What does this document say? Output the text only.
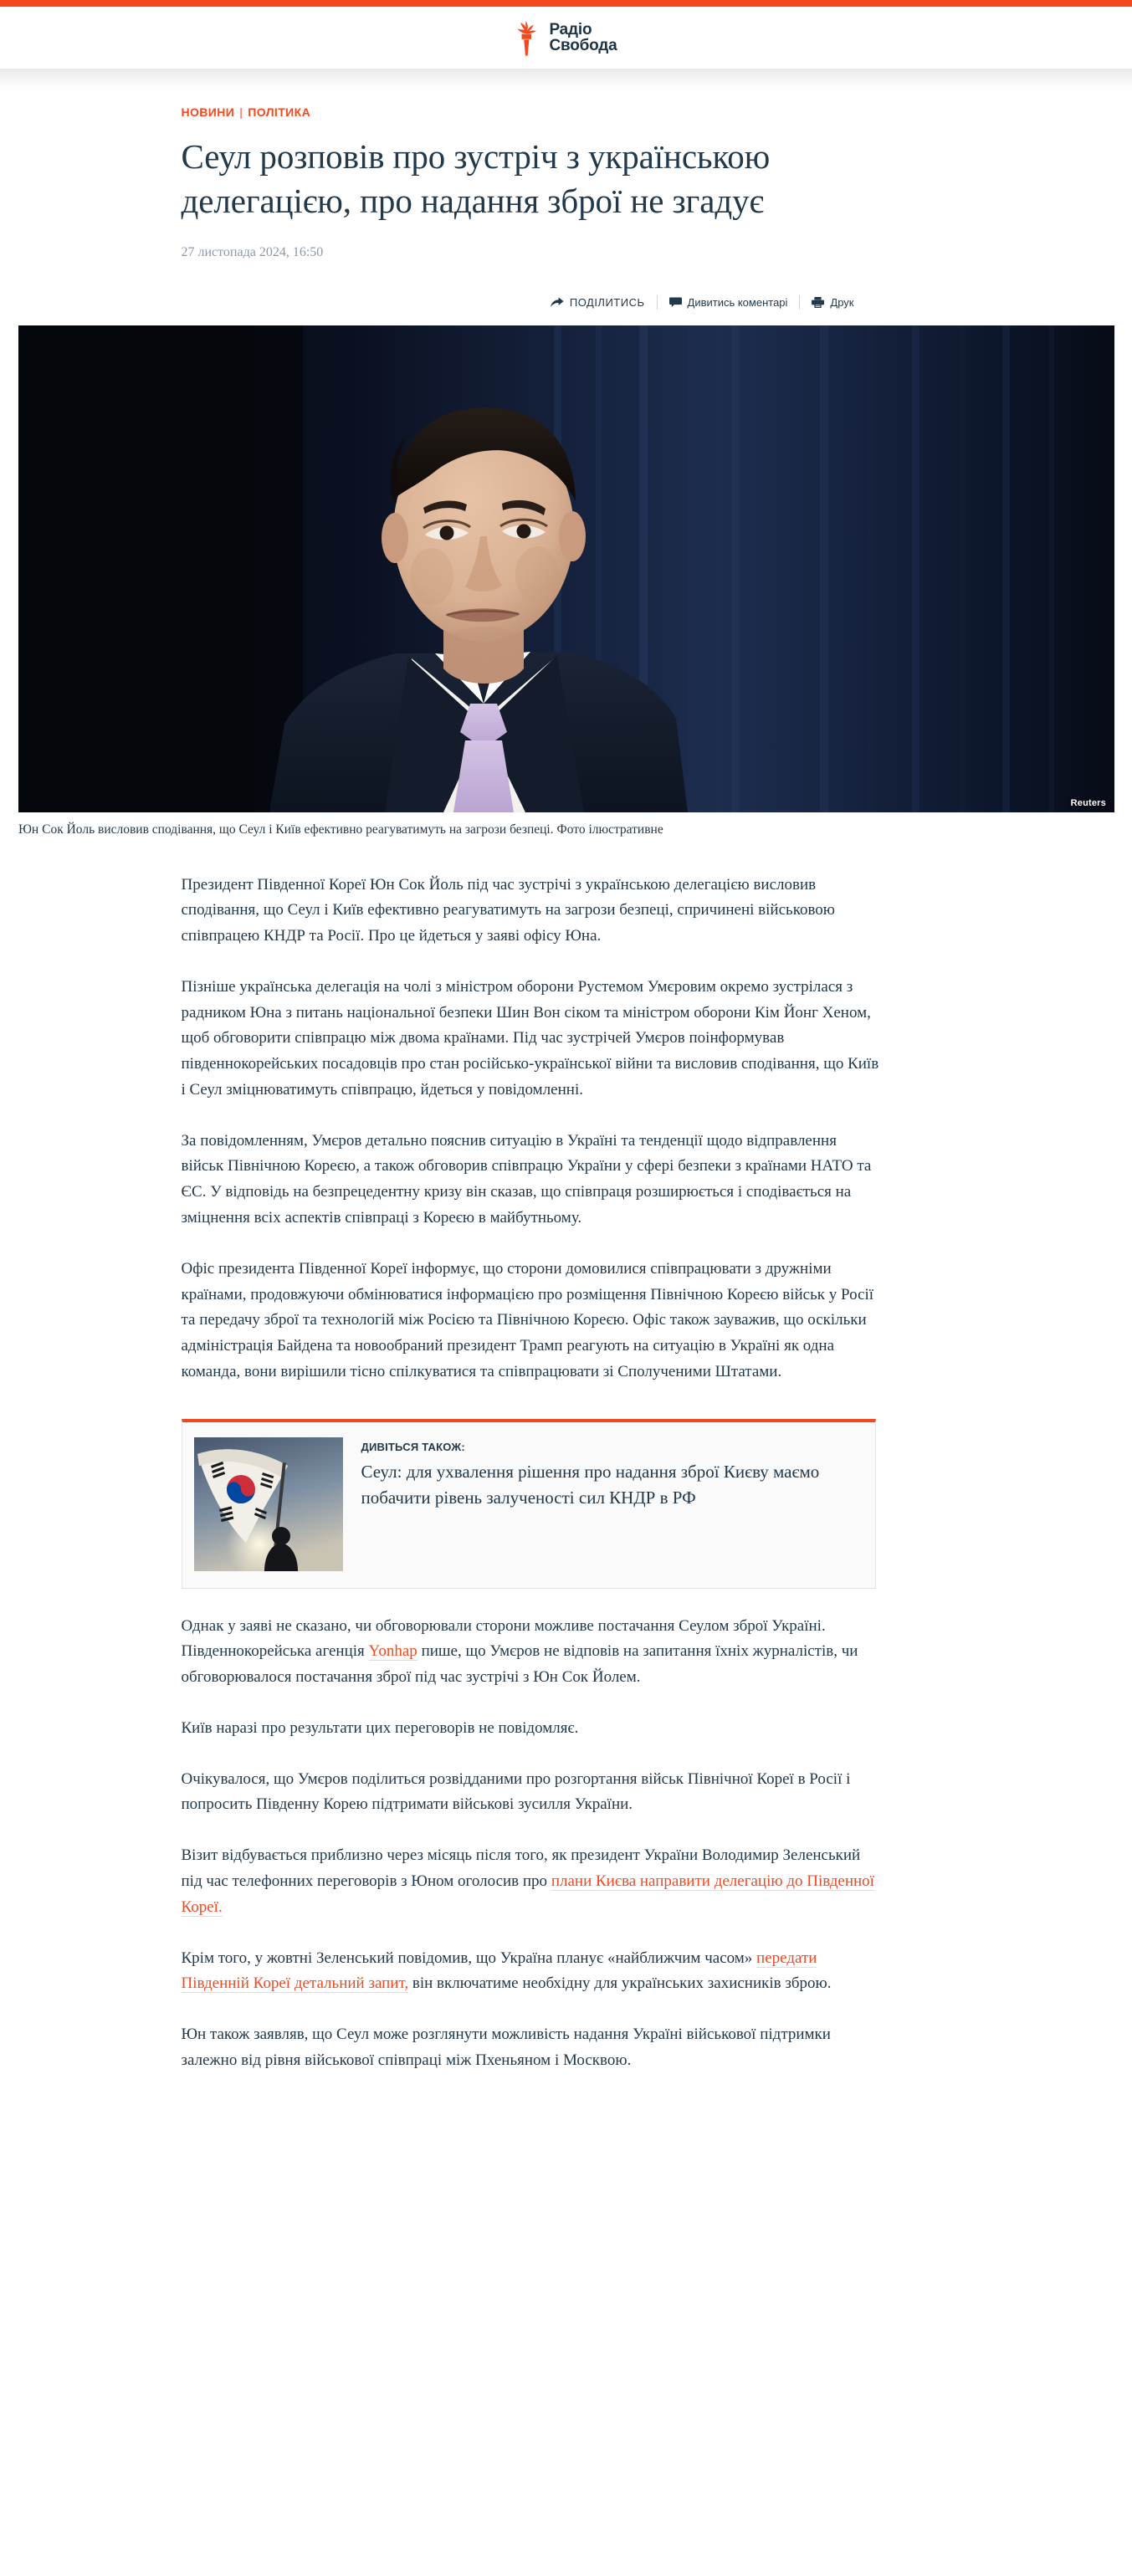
Радіо
Свобода
НОВИНИ | ПОЛІТИКА
Сеул розповів про зустріч з українською делегацією, про надання зброї не згадує
27 листопада 2024, 16:50
ПОДІЛИТИСЬ	Дивитись коментарі	Друк
Reuters
Юн Сок Йоль висловив сподівання, що Сеул і Київ ефективно реагуватимуть на загрози безпеці. Фото ілюстративне

Президент Південної Кореї Юн Сок Йоль під час зустрічі з українською делегацією висловив сподівання, що Сеул і Київ ефективно реагуватимуть на загрози безпеці, спричинені військовою співпрацею КНДР та Росії. Про це йдеться у заяві офісу Юна.

Пізніше українська делегація на чолі з міністром оборони Рустемом Умєровим окремо зустрілася з радником Юна з питань національної безпеки Шин Вон сіком та міністром оборони Кім Йонг Хеном, щоб обговорити співпрацю між двома країнами. Під час зустрічей Умєров поінформував південнокорейських посадовців про стан російсько-української війни та висловив сподівання, що Київ і Сеул зміцнюватимуть співпрацю, йдеться у повідомленні.

За повідомленням, Умєров детально пояснив ситуацію в Україні та тенденції щодо відправлення військ Північною Кореєю, а також обговорив співпрацю України у сфері безпеки з країнами НАТО та ЄС. У відповідь на безпрецедентну кризу він сказав, що співпраця розширюється і сподівається на зміцнення всіх аспектів співпраці з Кореєю в майбутньому.

Офіс президента Південної Кореї інформує, що сторони домовилися співпрацювати з дружніми країнами, продовжуючи обмінюватися інформацією про розміщення Північною Кореєю військ у Росії та передачу зброї та технологій між Росією та Північною Кореєю. Офіс також зауважив, що оскільки адміністрація Байдена та новообраний президент Трамп реагують на ситуацію в Україні як одна команда, вони вирішили тісно спілкуватися та співпрацювати зі Сполученими Штатами.

ДИВІТЬСЯ ТАКОЖ:
Сеул: для ухвалення рішення про надання зброї Києву маємо побачити рівень залученості сил КНДР в РФ

Однак у заяві не сказано, чи обговорювали сторони можливе постачання Сеулом зброї Україні. Південнокорейська агенція Yonhap пише, що Умєров не відповів на запитання їхніх журналістів, чи обговорювалося постачання зброї під час зустрічі з Юн Сок Йолем.

Київ наразі про результати цих переговорів не повідомляє.

Очікувалося, що Умєров поділиться розвідданими про розгортання військ Північної Кореї в Росії і попросить Південну Корею підтримати військові зусилля України.

Візит відбувається приблизно через місяць після того, як президент України Володимир Зеленський під час телефонних переговорів з Юном оголосив про плани Києва направити делегацію до Південної Кореї.

Крім того, у жовтні Зеленський повідомив, що Україна планує «найближчим часом» передати Південній Кореї детальний запит, він включатиме необхідну для українських захисників зброю.

Юн також заявляв, що Сеул може розглянути можливість надання Україні військової підтримки залежно від рівня військової співпраці між Пхеньяном і Москвою.
